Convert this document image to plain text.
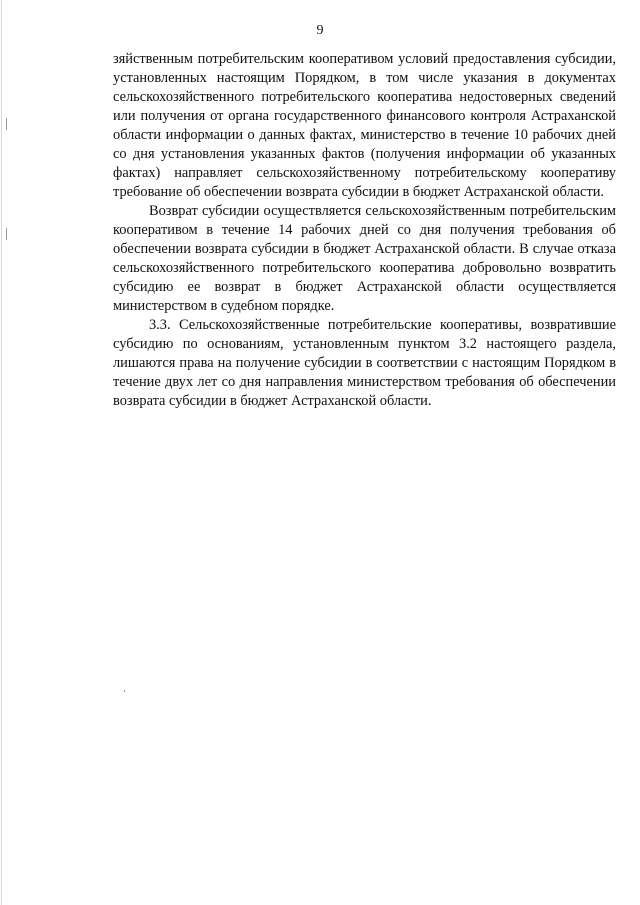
9

зяйственным потребительским кооперативом условий предоставления субсидии, установленных настоящим Порядком, в том числе указания в документах сельскохозяйственного потребительского кооператива недостоверных сведений или получения от органа государственного финансового контроля Астраханской области информации о данных фактах, министерство в течение 10 рабочих дней со дня установления указанных фактов (получения информации об указанных фактах) направляет сельскохозяйственному потребительскому кооперативу требование об обеспечении возврата субсидии в бюджет Астраханской области.

Возврат субсидии осуществляется сельскохозяйственным потребительским кооперативом в течение 14 рабочих дней со дня получения требования об обеспечении возврата субсидии в бюджет Астраханской области. В случае отказа сельскохозяйственного потребительского кооператива добровольно возвратить субсидию ее возврат в бюджет Астраханской области осуществляется министерством в судебном порядке.

3.3. Сельскохозяйственные потребительские кооперативы, возвратившие субсидию по основаниям, установленным пунктом 3.2 настоящего раздела, лишаются права на получение субсидии в соответствии с настоящим Порядком в течение двух лет со дня направления министерством требования об обеспечении возврата субсидии в бюджет Астраханской области.
